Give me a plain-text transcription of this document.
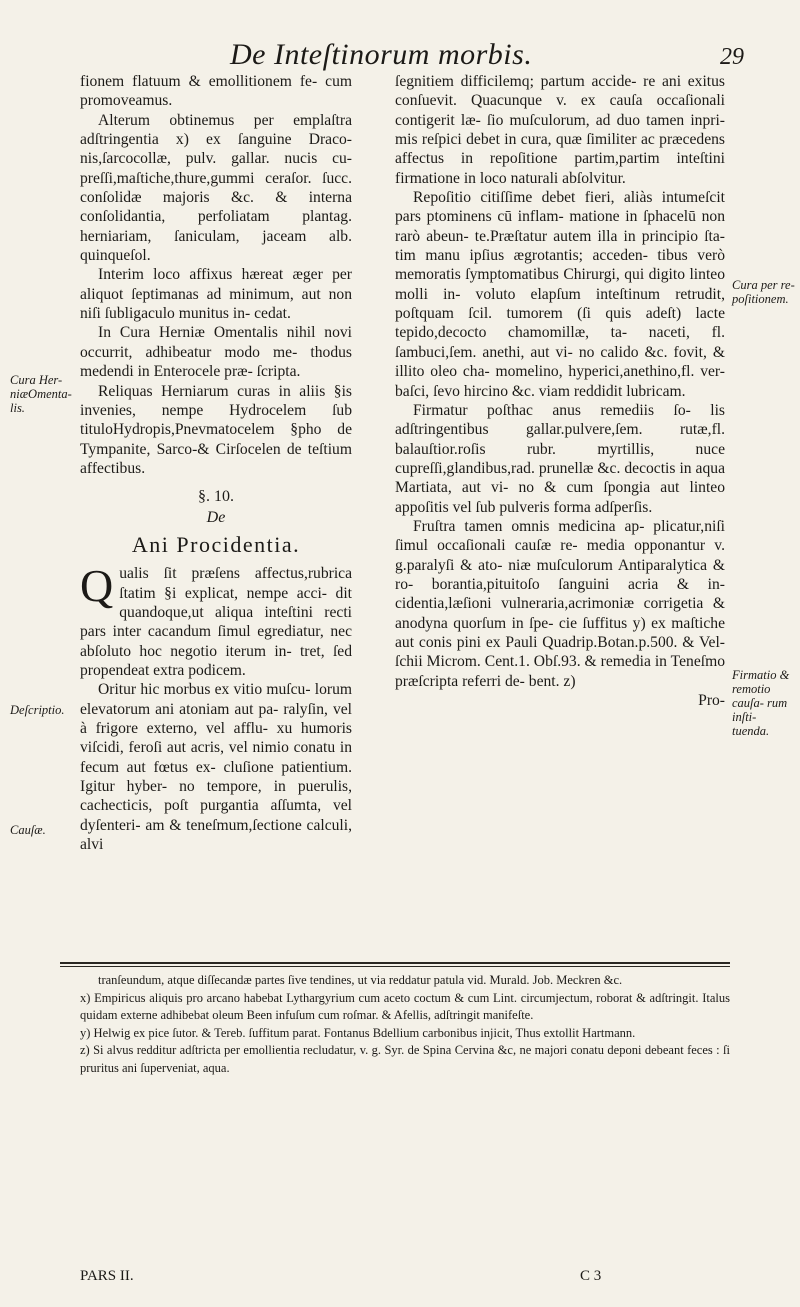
De Inteſtinorum morbis.	29
Cura Her- niæOmenta- lis.
Deſcriptio.
Cauſæ.
Cura per re- poſitionem.
Firmatio & remotio cauſa- rum inſti- tuenda.

fionem flatuum & emollitionem fe- cum promoveamus.

Alterum obtinemus per emplaſtra adſtringentia x) ex ſanguine Draco- nis,ſarcocollæ, pulv. gallar. nucis cu- preſſi,maſtiche,thure,gummi ceraſor. ſucc. conſolidæ majoris &c. & interna conſolidantia, perfoliatam plantag. herniariam, ſaniculam, jaceam alb. quinqueſol.

Interim loco affixus hæreat æger per aliquot ſeptimanas ad minimum, aut non niſi ſubligaculo munitus in- cedat.

In Cura Herniæ Omentalis nihil novi occurrit, adhibeatur modo me- thodus medendi in Enterocele præ- ſcripta.

Reliquas Herniarum curas in aliis §is invenies, nempe Hydrocelem ſub tituloHydropis,Pnevmatocelem §pho de Tympanite, Sarco-& Cirſocelen de teſtium affectibus.

§. 10.
De
Ani Procidentia.

Qualis ſit præſens affectus,rubrica ſtatim §i explicat, nempe acci- dit quandoque,ut aliqua inteſtini recti pars inter cacandum ſimul egrediatur, nec abſoluto hoc negotio iterum in- tret, ſed propendeat extra podicem.

Oritur hic morbus ex vitio muſcu- lorum elevatorum ani atoniam aut pa- ralyſin, vel à frigore externo, vel afflu- xu humoris viſcidi, feroſi aut acris, vel nimio conatu in fecum aut fœtus ex- cluſione patientium. Igitur hyber- no tempore, in puerulis, cachecticis, poſt purgantia aſſumta, vel dyſenteri- am & teneſmum,ſectione calculi, alvi

ſegnitiem difficilemq; partum accide- re ani exitus conſuevit. Quacunque v. ex cauſa occaſionali contigerit læ- ſio muſculorum, ad duo tamen inpri- mis reſpici debet in cura, quæ ſimiliter ac præcedens affectus in repoſitione partim,partim inteſtini firmatione in loco naturali abſolvitur.

Repoſitio citiſſime debet fieri, aliàs intumeſcit pars ptominens cū inflam- matione in ſphacelū non rarò abeun- te.Præſtatur autem illa in principio ſta- tim manu ipſius ægrotantis; acceden- tibus verò memoratis ſymptomatibus Chirurgi, qui digito linteo molli in- voluto elapſum inteſtinum retrudit, poſtquam ſcil. tumorem (ſi quis adeſt) lacte tepido,decocto chamomillæ, ta- naceti, fl. ſambuci,ſem. anethi, aut vi- no calido &c. fovit, & illito oleo cha- momelino, hyperici,anethino,fl. ver- baſci, ſevo hircino &c. viam reddidit lubricam.

Firmatur poſthac anus remediis ſo- lis adſtringentibus gallar.pulvere,ſem. rutæ,fl. balauſtior.roſis rubr. myrtillis, nuce cupreſſi,glandibus,rad. prunellæ &c. decoctis in aqua Martiata, aut vi- no & cum ſpongia aut linteo appoſitis vel ſub pulveris forma adſperſis.

Fruſtra tamen omnis medicina ap- plicatur,niſi ſimul occaſionali cauſæ re- media opponantur v. g.paralyſi & ato- niæ muſculorum Antiparalytica & ro- borantia,pituitoſo ſanguini acria & in- cidentia,læſioni vulneraria,acrimoniæ corrigetia & anodyna quorſum in ſpe- cie ſuffitus y) ex maſtiche aut conis pini ex Pauli Quadrip.Botan.p.500. & Vel- ſchii Microm. Cent.1. Obſ.93. & remedia in Teneſmo præſcripta referri de- bent. z)

Pro-

tranſeundum, atque diſſecandæ partes ſive tendines, ut via reddatur patula vid. Murald. Job. Meckren &c.

x) Empiricus aliquis pro arcano habebat Lythargyrium cum aceto coctum & cum Lint. circumjectum, roborat & adſtringit. Italus quidam externe adhibebat oleum Been infuſum cum roſmar. & Afellis, adſtringit manifeſte.

y) Helwig ex pice ſutor. & Tereb. ſuffitum parat. Fontanus Bdellium carbonibus injicit, Thus extollit Hartmann.

z) Si alvus redditur adſtricta per emollientia recludatur, v. g. Syr. de Spina Cervina &c, ne majori conatu deponi debeant feces : ſi pruritus ani ſuperveniat, aqua.

PARS II.	C 3
